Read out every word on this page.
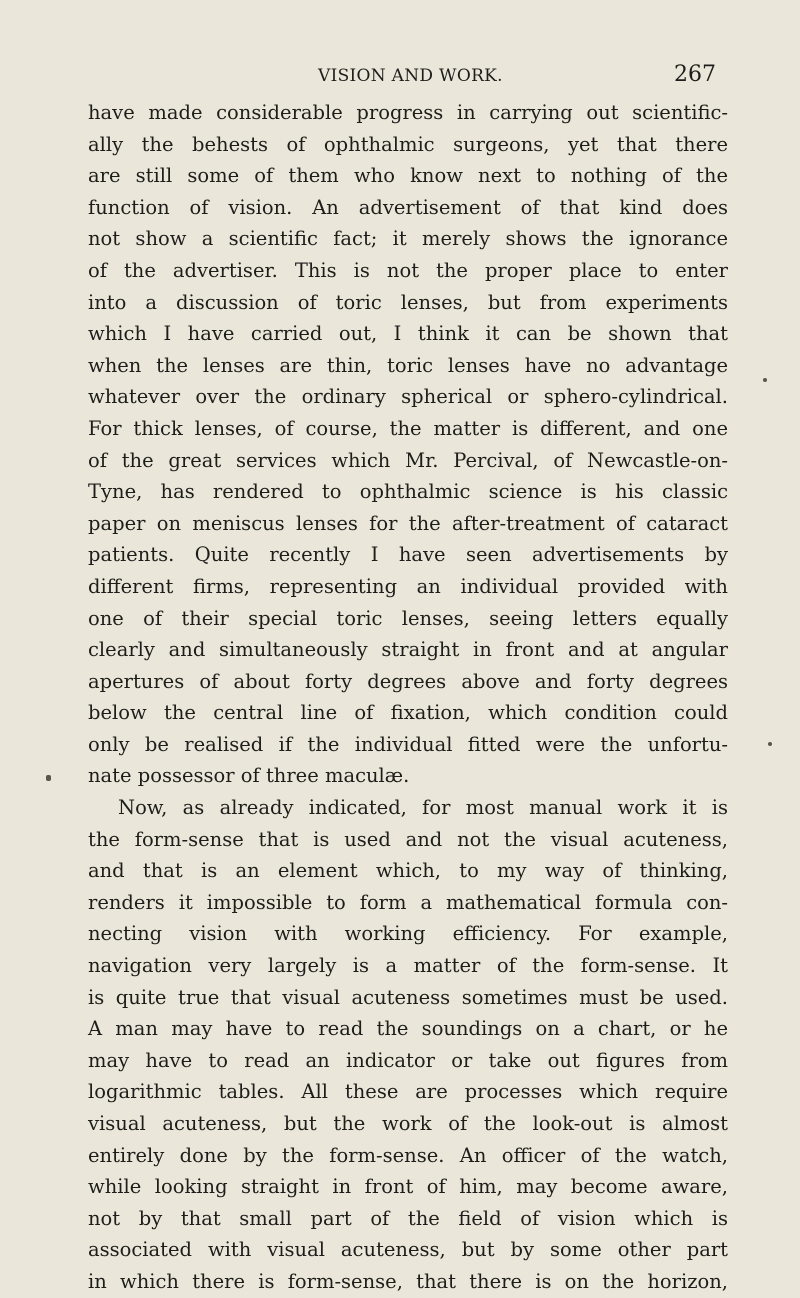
VISION AND WORK.	267
have made considerable progress in carrying out scientific-
ally the behests of ophthalmic surgeons, yet that there
are still some of them who know next to nothing of the
function of vision. An advertisement of that kind does
not show a scientific fact; it merely shows the ignorance
of the advertiser. This is not the proper place to enter
into a discussion of toric lenses, but from experiments
which I have carried out, I think it can be shown that
when the lenses are thin, toric lenses have no advantage
whatever over the ordinary spherical or sphero-cylindrical.
For thick lenses, of course, the matter is different, and one
of the great services which Mr. Percival, of Newcastle-on-
Tyne, has rendered to ophthalmic science is his classic
paper on meniscus lenses for the after-treatment of cataract
patients. Quite recently I have seen advertisements by
different firms, representing an individual provided with
one of their special toric lenses, seeing letters equally
clearly and simultaneously straight in front and at angular
apertures of about forty degrees above and forty degrees
below the central line of fixation, which condition could
only be realised if the individual fitted were the unfortu-
nate possessor of three maculæ.
Now, as already indicated, for most manual work it is
the form-sense that is used and not the visual acuteness,
and that is an element which, to my way of thinking,
renders it impossible to form a mathematical formula con-
necting vision with working efficiency. For example,
navigation very largely is a matter of the form-sense. It
is quite true that visual acuteness sometimes must be used.
A man may have to read the soundings on a chart, or he
may have to read an indicator or take out figures from
logarithmic tables. All these are processes which require
visual acuteness, but the work of the look-out is almost
entirely done by the form-sense. An officer of the watch,
while looking straight in front of him, may become aware,
not by that small part of the field of vision which is
associated with visual acuteness, but by some other part
in which there is form-sense, that there is on the horizon,
